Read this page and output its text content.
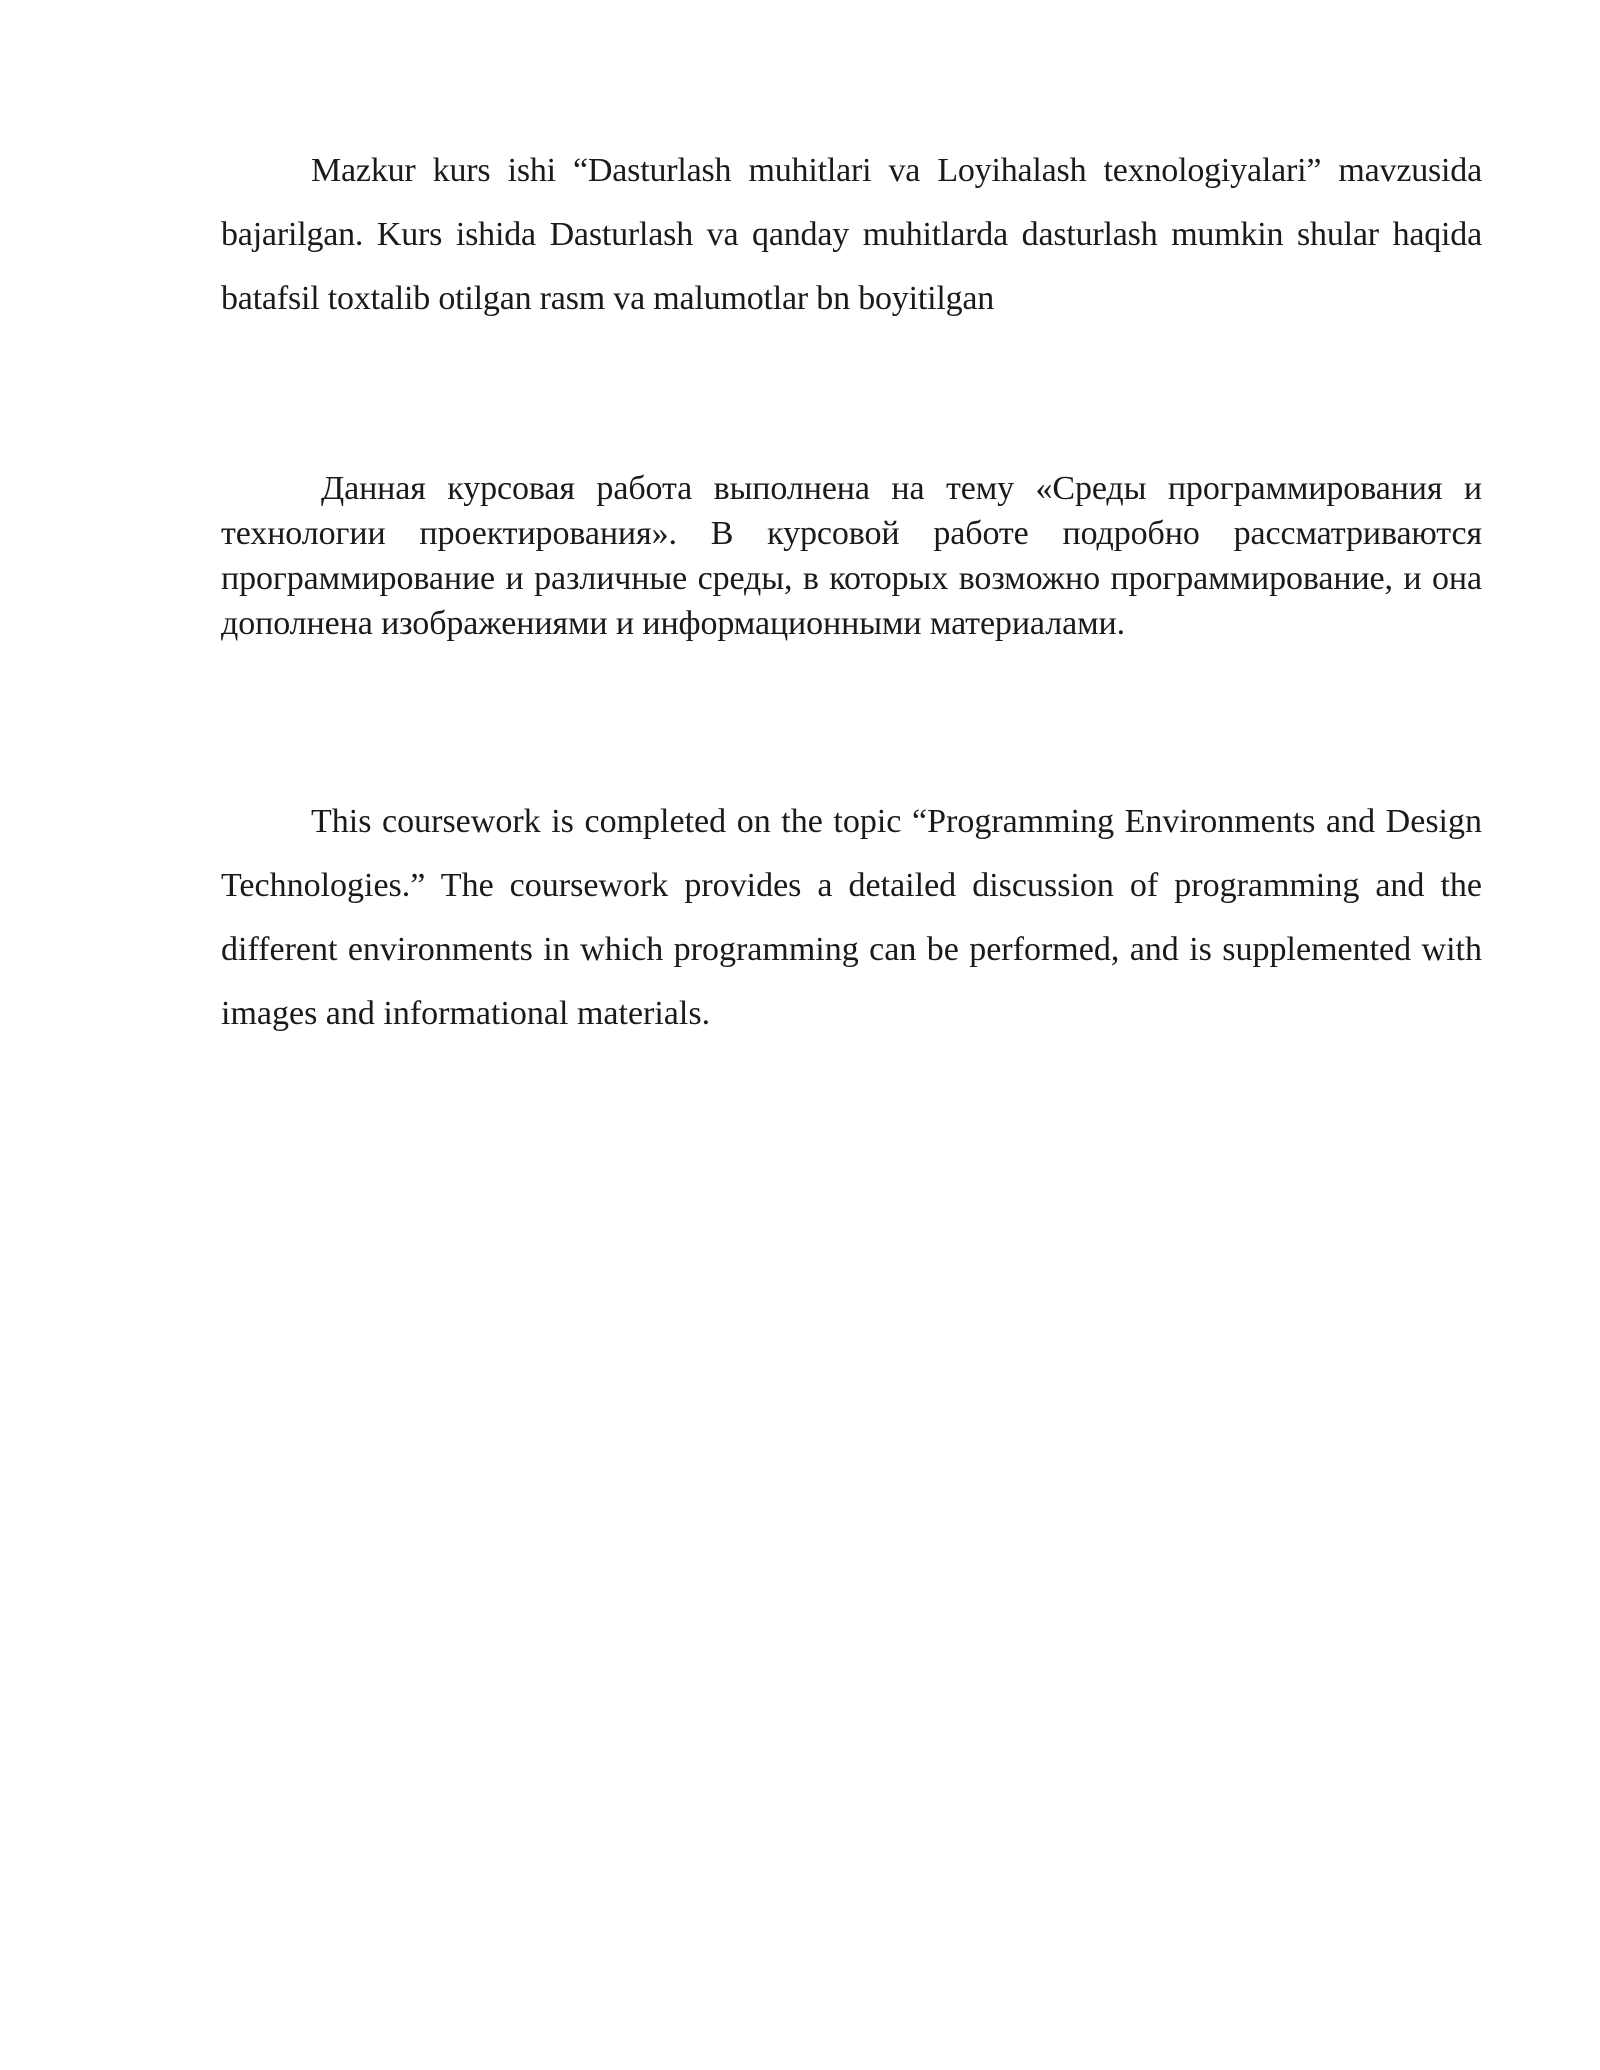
Mazkur kurs ishi “Dasturlash muhitlari va Loyihalash texnologiyalari” mavzusida bajarilgan. Kurs ishida Dasturlash va qanday muhitlarda dasturlash mumkin shular haqida batafsil toxtalib otilgan rasm va malumotlar bn boyitilgan

Данная курсовая работа выполнена на тему «Среды программирования и технологии проектирования». В курсовой работе подробно рассматриваются программирование и различные среды, в которых возможно программирование, и она дополнена изображениями и информационными материалами.

This coursework is completed on the topic “Programming Environments and Design Technologies.” The coursework provides a detailed discussion of programming and the different environments in which programming can be performed, and is supplemented with images and informational materials.
